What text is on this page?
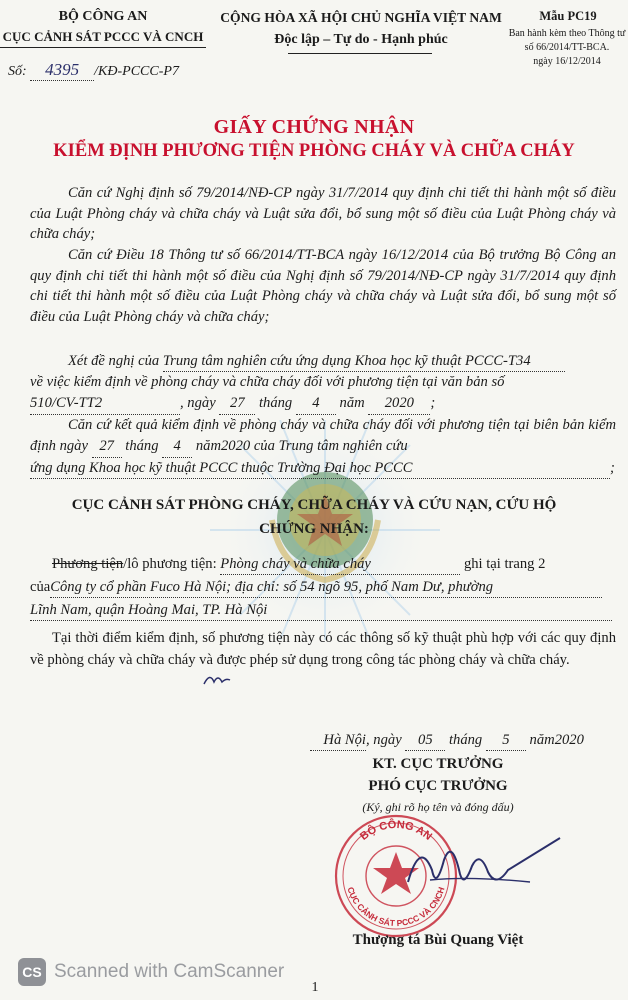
BỘ CÔNG AN
CỤC CẢNH SÁT PCCC VÀ CNCH
Số: 4395 /KĐ-PCCC-P7
CỘNG HÒA XÃ HỘI CHỦ NGHĨA VIỆT NAM
Độc lập – Tự do - Hạnh phúc
Mẫu PC19
Ban hành kèm theo Thông tư
số 66/2014/TT-BCA.
ngày 16/12/2014
GIẤY CHỨNG NHẬN
KIỂM ĐỊNH PHƯƠNG TIỆN PHÒNG CHÁY VÀ CHỮA CHÁY
Căn cứ Nghị định số 79/2014/NĐ-CP ngày 31/7/2014 quy định chi tiết thi hành một số điều của Luật Phòng cháy và chữa cháy và Luật sửa đổi, bổ sung một số điều của Luật Phòng cháy và chữa cháy;
Căn cứ Điều 18 Thông tư số 66/2014/TT-BCA ngày 16/12/2014 của Bộ trưởng Bộ Công an quy định chi tiết thi hành một số điều của Nghị định số 79/2014/NĐ-CP ngày 31/7/2014 quy định chi tiết thi hành một số điều của Luật Phòng cháy và chữa cháy và Luật sửa đổi, bổ sung một số điều của Luật Phòng cháy và chữa cháy;
Xét đề nghị của Trung tâm nghiên cứu ứng dụng Khoa học kỹ thuật PCCC-T34
về việc kiểm định về phòng cháy và chữa cháy đối với phương tiện tại văn bản số 510/CV-TT2	, ngày 27 tháng 4 năm 2020 ;
Căn cứ kết quả kiểm định về phòng cháy và chữa cháy đối với phương tiện tại biên bản kiểm định ngày 27 tháng 4 năm2020 của Trung tâm nghiên cứu
ứng dụng Khoa học kỹ thuật PCCC thuộc Trường Đại học PCCC	;
CỤC CẢNH SÁT PHÒNG CHÁY, CHỮA CHÁY VÀ CỨU NẠN, CỨU HỘ
CHỨNG NHẬN:
Phương tiện/lô phương tiện: Phòng cháy và chữa cháy	ghi tại trang 2
củaCông ty cổ phần Fuco Hà Nội; địa chỉ: số 54 ngõ 95, phố Nam Dư, phường
Lĩnh Nam, quận Hoàng Mai, TP. Hà Nội
Tại thời điểm kiểm định, số phương tiện này có các thông số kỹ thuật phù hợp với các quy định về phòng cháy và chữa cháy và được phép sử dụng trong công tác phòng cháy và chữa cháy.
Hà Nội, ngày 05 tháng 5 năm2020
KT. CỤC TRƯỞNG
PHÓ CỤC TRƯỞNG
(Ký, ghi rõ họ tên và đóng dấu)
BỘ CÔNG AN
CỤC CẢNH SÁT PCCC VÀ CNCH
Thượng tá Bùi Quang Việt
CS Scanned with CamScanner
1
